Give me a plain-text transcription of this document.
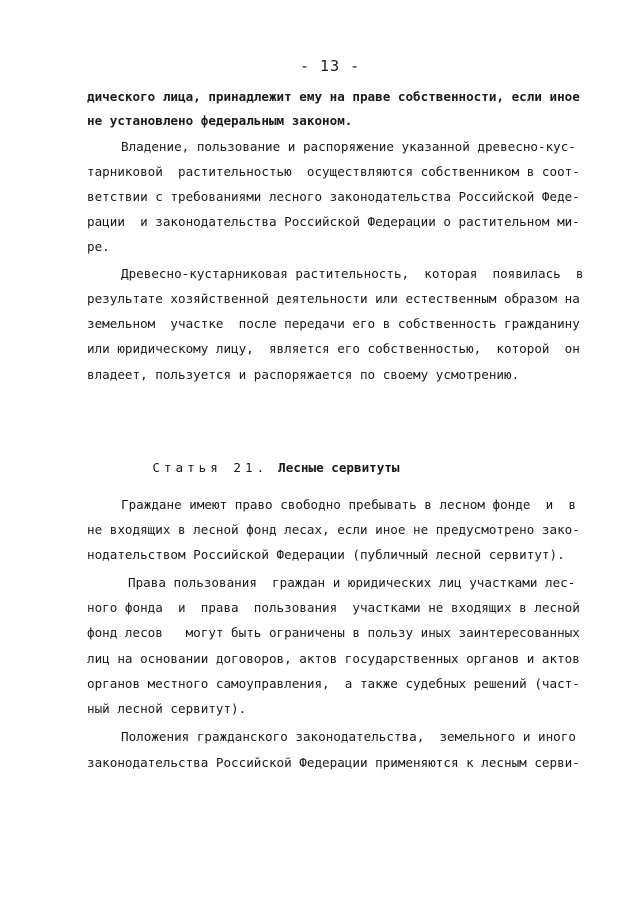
- 13 -
дического лица, принадлежит ему на праве собственности, если иное
не установлено федеральным законом.
Владение, пользование и распоряжение указанной древесно-кус-
тарниковой  растительностью  осуществляются собственником в соот-
ветствии с требованиями лесного законодательства Российской Феде-
рации  и законодательства Российской Федерации о растительном ми-
ре.
Древесно-кустарниковая растительность,  которая  появилась  в
результате хозяйственной деятельности или естественным образом на
земельном  участке  после передачи его в собственность гражданину
или юридическому лицу,  является его собственностью,  которой  он
владеет, пользуется и распоряжается по своему усмотрению.

Статья 21. Лесные сервитуты

Граждане имеют право свободно пребывать в лесном фонде  и  в
не входящих в лесной фонд лесах, если иное не предусмотрено зако-
нодательством Российской Федерации (публичный лесной сервитут).
Права пользования  граждан и юридических лиц участками лес-
ного фонда  и  права  пользования  участками не входящих в лесной
фонд лесов   могут быть ограничены в пользу иных заинтересованных
лиц на основании договоров, актов государственных органов и актов
органов местного самоуправления,  а также судебных решений (част-
ный лесной сервитут).
Положения гражданского законодательства,  земельного и иного
законодательства Российской Федерации применяются к лесным серви-
